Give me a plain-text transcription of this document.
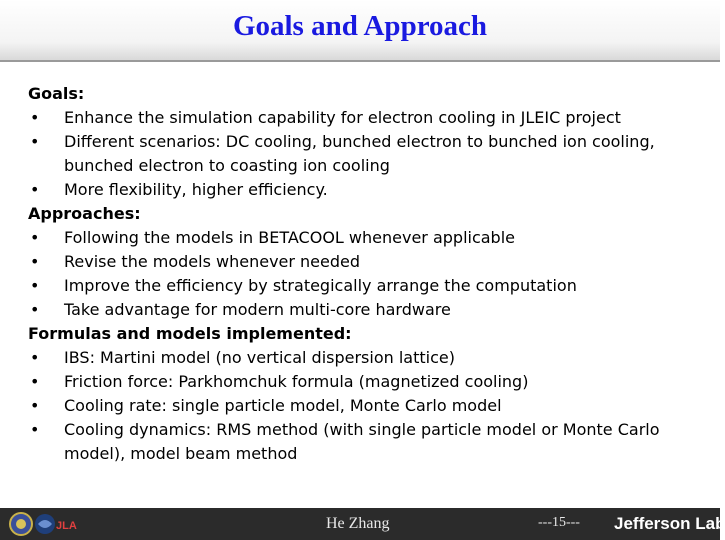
Goals and Approach
Goals:
• Enhance the simulation capability for electron cooling in JLEIC project
• Different scenarios: DC cooling, bunched electron to bunched ion cooling, bunched electron to coasting ion cooling
• More flexibility, higher efficiency.
Approaches:
• Following the models in BETACOOL whenever applicable
• Revise the models whenever needed
• Improve the efficiency by strategically arrange the computation
• Take advantage for modern multi-core hardware
Formulas and models implemented:
• IBS: Martini model (no vertical dispersion lattice)
• Friction force: Parkhomchuk formula (magnetized cooling)
• Cooling rate: single particle model, Monte Carlo model
• Cooling dynamics: RMS method (with single particle model or Monte Carlo model), model beam method
JLA	He Zhang	---15--- Jefferson Lab
